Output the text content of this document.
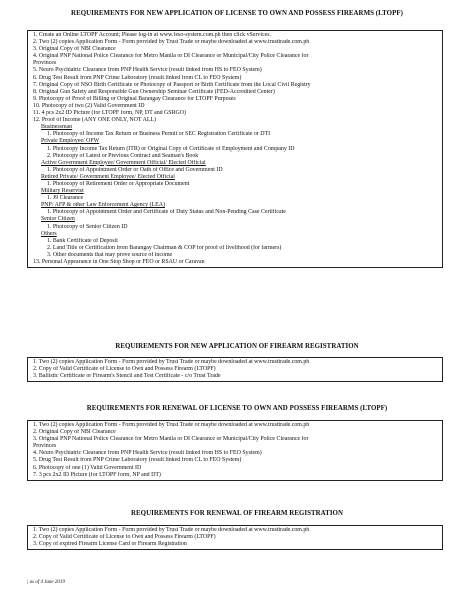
REQUIREMENTS FOR NEW APPLICATION OF LICENSE TO OWN AND POSSESS FIREARMS (LTOPF)
1. Create an Online LTOPF Account; Please log-in at www.feso-system.com.ph then click vServices.
2. Two (2) copies Application Form - Form provided by Trust Trade or maybe downloaded at www.trusttrade.com.ph
3. Original Copy of NBI Clearance
4. Original PNP National Police Clearance for Metro Manila or DI Clearance or Municipal/City Police Clearance for
Provinces
5. Neuro Psychiatric Clearance from PNP Health Service (result linked from HS to FEO System)
6. Drug Test Result from PNP Crime Laboratory (result linked from CL to FEO System)
7. Original Copy of NSO Birth Certificate or Photocopy of Passport or Birth Certificate from the Local Civil Registry
8. Original Gun Safety and Responsible Gun Ownership Seminar Certificate (FED-Accredited Center)
9. Photocopy of Proof of Billing or Original Barangay Clearance for LTOPF Purposes
10. Photocopy of two (2) Valid Government ID
11. 4 pcs 2x2 ID Picture (for LTOPF form, NP, DT and GSRGO)
12. Proof of Income (ANY ONE ONLY, NOT ALL)
Businessman
1. Photocopy of Income Tax Return or Business Permit or SEC Registration Certificate or DTI
Private Employee/ OFW
1. Photocopy Income Tax Return (ITR) or Original Copy of Certificate of Employment and Company ID
2. Photocopy of Latest or Previous Contract and Seaman's Book
Active Government Employee/ Government Official/ Elected Official
1. Photocopy of Appointment Order or Oath of Office and Government ID
Retired Private/ Government Employee/ Elected Official
1. Photocopy of Retirement Order or Appropriate Document
Military Reservist
1. J9 Clearance
PNP/ AFP & other Law Enforcement Agency (LEA)
1. Photocopy of Appointment Order and Certificate of Duty Status and Non-Pending Case Certificate
Senior Citizen
1. Photocopy of Senior Citizen ID
Others
1. Bank Certificate of Deposit
2. Land Title or Certification from Barangay Chairman & COP for proof of livelihood (for farmers)
3. Other documents that may prove source of income
13. Personal Appearance in One Stop Shop or FEO or RSAU or Caravan
REQUIREMENTS FOR NEW APPLICATION OF FIREARM REGISTRATION
1. Two (2) copies Application Form - Form provided by Trust Trade or maybe downloaded at www.trusttrade.com.ph
2. Copy of Valid Certificate of License to Own and Possess Firearm (LTOPF)
3. Ballistic Certificate or Firearm's Stencil and Test Certificate - c/o Trust Trade
REQUIREMENTS FOR RENEWAL OF LICENSE TO OWN AND POSSESS FIREARMS (LTOPF)
1. Two (2) copies Application Form - Form provided by Trust Trade or maybe downloaded at www.trusttrade.com.ph
2. Original Copy of NBI Clearance
3. Original PNP National Police Clearance for Metro Manila or DI Clearance or Municipal/City Police Clearance for
Provinces
4. Neuro Psychiatric Clearance from PNP Health Service (result linked from HS to FEO System)
5. Drug Test Result from PNP Crime Laboratory (result linked from CL to FEO System)
6. Photocopy of one (1) Valid Government ID
7. 3 pcs 2x2 ID Picture (for LTOPF form, NP and DT)
REQUIREMENTS FOR RENEWAL OF FIREARM REGISTRATION
1. Two (2) copies Application Form - Form provided by Trust Trade or maybe downloaded at www.trusttrade.com.ph
2. Copy of Valid Certificate of License to Own and Possess Firearm (LTOPF)
3. Copy of expired Firearm License Card or Firearm Registration
| as of 4 June 2019
